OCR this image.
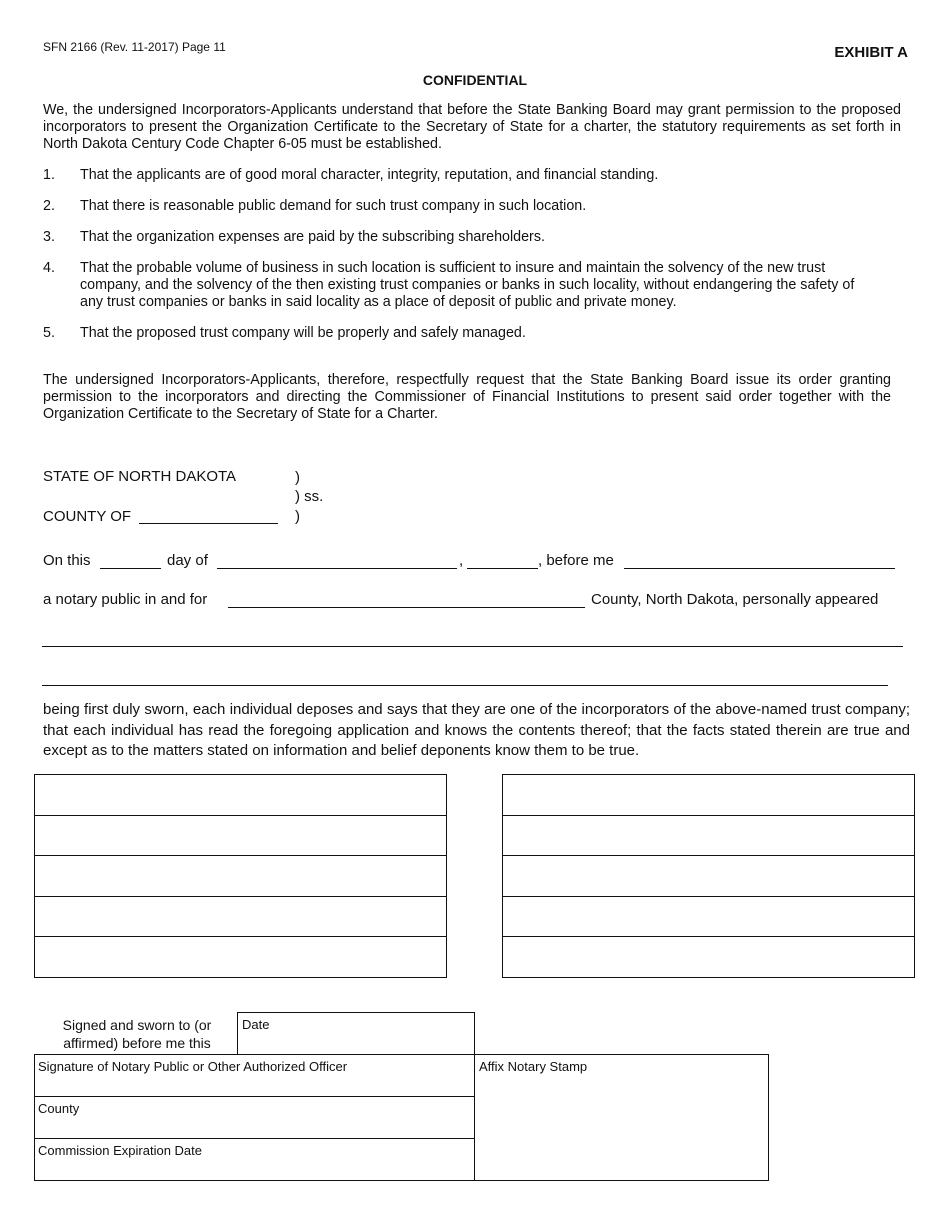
SFN 2166 (Rev. 11-2017) Page 11	EXHIBIT A
CONFIDENTIAL
We, the undersigned Incorporators-Applicants understand that before the State Banking Board may grant permission to the proposed incorporators to present the Organization Certificate to the Secretary of State for a charter, the statutory requirements as set forth in North Dakota Century Code Chapter 6-05 must be established.
1. That the applicants are of good moral character, integrity, reputation, and financial standing.
2. That there is reasonable public demand for such trust company in such location.
3. That the organization expenses are paid by the subscribing shareholders.
4. That the probable volume of business in such location is sufficient to insure and maintain the solvency of the new trust company, and the solvency of the then existing trust companies or banks in such locality, without endangering the safety of any trust companies or banks in said locality as a place of deposit of public and private money.
5. That the proposed trust company will be properly and safely managed.
The undersigned Incorporators-Applicants, therefore, respectfully request that the State Banking Board issue its order granting permission to the incorporators and directing the Commissioner of Financial Institutions to present said order together with the Organization Certificate to the Secretary of State for a Charter.
STATE OF NORTH DAKOTA	)
) ss.
)
COUNTY OF
On this	day of	,	, before me
a notary public in and for	County, North Dakota, personally appeared
being first duly sworn, each individual deposes and says that they are one of the incorporators of the above-named trust company; that each individual has read the foregoing application and knows the contents thereof; that the facts stated therein are true and except as to the matters stated on information and belief deponents know them to be true.
Signed and sworn to (or affirmed) before me this
Date
Signature of Notary Public or Other Authorized Officer
County
Commission Expiration Date
Affix Notary Stamp
